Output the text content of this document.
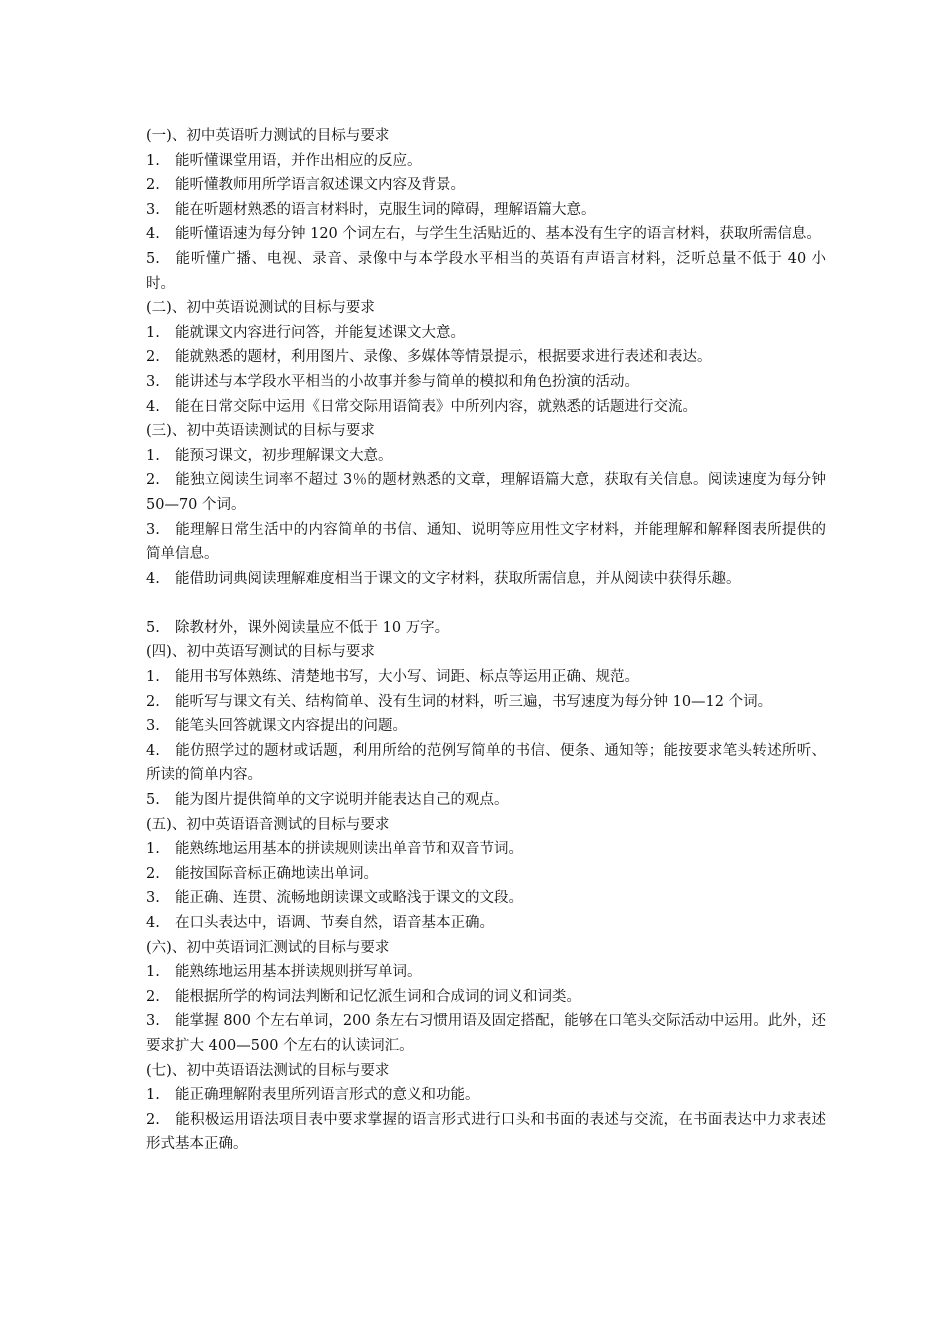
(一)、初中英语听力测试的目标与要求

1. 能听懂课堂用语，并作出相应的反应。

2. 能听懂教师用所学语言叙述课文内容及背景。

3. 能在听题材熟悉的语言材料时，克服生词的障碍，理解语篇大意。

4. 能听懂语速为每分钟 120 个词左右，与学生生活贴近的、基本没有生字的语言材料，获取所需信息。

5. 能听懂广播、电视、录音、录像中与本学段水平相当的英语有声语言材料，泛听总量不低于 40 小时。

(二)、初中英语说测试的目标与要求

1. 能就课文内容进行问答，并能复述课文大意。

2. 能就熟悉的题材，利用图片、录像、多媒体等情景提示，根据要求进行表述和表达。

3. 能讲述与本学段水平相当的小故事并参与简单的模拟和角色扮演的活动。

4. 能在日常交际中运用《日常交际用语简表》中所列内容，就熟悉的话题进行交流。

(三)、初中英语读测试的目标与要求

1. 能预习课文，初步理解课文大意。

2. 能独立阅读生词率不超过 3％的题材熟悉的文章，理解语篇大意，获取有关信息。阅读速度为每分钟 50—70 个词。

3. 能理解日常生活中的内容简单的书信、通知、说明等应用性文字材料，并能理解和解释图表所提供的简单信息。

4. 能借助词典阅读理解难度相当于课文的文字材料，获取所需信息，并从阅读中获得乐趣。

5. 除教材外，课外阅读量应不低于 10 万字。

(四)、初中英语写测试的目标与要求

1. 能用书写体熟练、清楚地书写，大小写、词距、标点等运用正确、规范。

2. 能听写与课文有关、结构简单、没有生词的材料，听三遍，书写速度为每分钟 10—12 个词。

3. 能笔头回答就课文内容提出的问题。

4. 能仿照学过的题材或话题，利用所给的范例写简单的书信、便条、通知等；能按要求笔头转述所听、所读的简单内容。

5. 能为图片提供简单的文字说明并能表达自己的观点。

(五)、初中英语语音测试的目标与要求

1. 能熟练地运用基本的拼读规则读出单音节和双音节词。

2. 能按国际音标正确地读出单词。

3. 能正确、连贯、流畅地朗读课文或略浅于课文的文段。

4. 在口头表达中，语调、节奏自然，语音基本正确。

(六)、初中英语词汇测试的目标与要求

1. 能熟练地运用基本拼读规则拼写单词。

2. 能根据所学的构词法判断和记忆派生词和合成词的词义和词类。

3. 能掌握 800 个左右单词，200 条左右习惯用语及固定搭配，能够在口笔头交际活动中运用。此外，还要求扩大 400—500 个左右的认读词汇。

(七)、初中英语语法测试的目标与要求

1. 能正确理解附表里所列语言形式的意义和功能。

2. 能积极运用语法项目表中要求掌握的语言形式进行口头和书面的表述与交流，在书面表达中力求表述形式基本正确。
